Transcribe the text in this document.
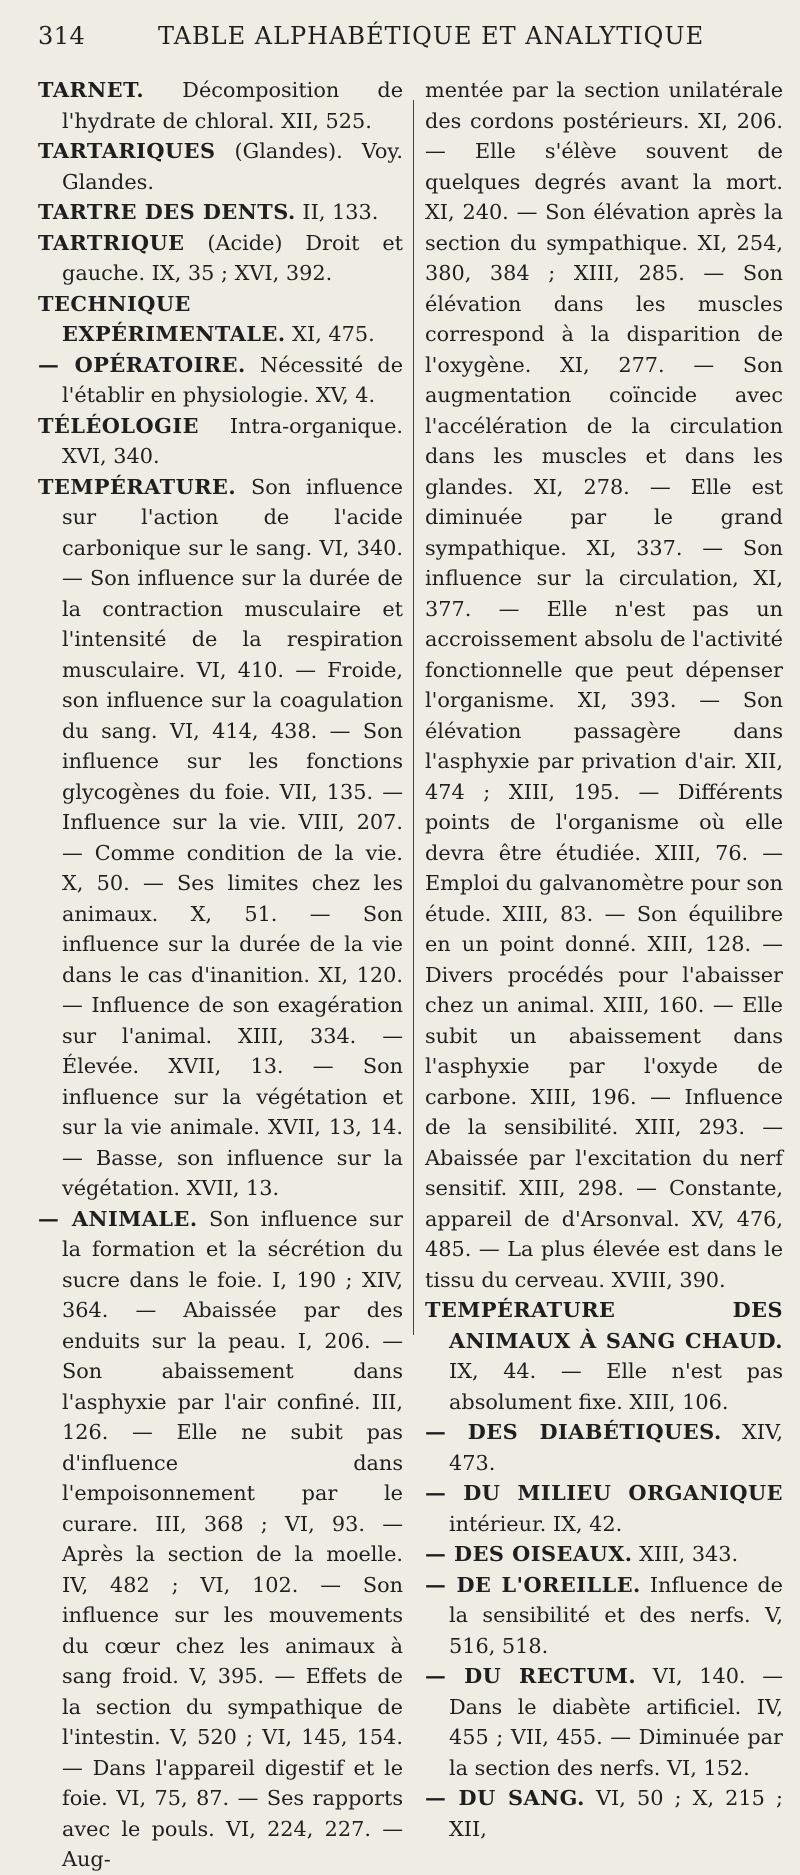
314	TABLE ALPHABÉTIQUE ET ANALYTIQUE

TARNET. Décomposition de l'hydrate de chloral. XII, 525.

TARTARIQUES (Glandes). Voy. Glandes.

TARTRE DES DENTS. II, 133.

TARTRIQUE (Acide) Droit et gauche. IX, 35 ; XVI, 392.

TECHNIQUE EXPÉRIMENTALE. XI, 475.

— OPÉRATOIRE. Nécessité de l'établir en physiologie. XV, 4.

TÉLÉOLOGIE Intra-organique. XVI, 340.

TEMPÉRATURE. Son influence sur l'action de l'acide carbonique sur le sang. VI, 340. — Son influence sur la durée de la contraction musculaire et l'intensité de la respiration musculaire. VI, 410. — Froide, son influence sur la coagulation du sang. VI, 414, 438. — Son influence sur les fonctions glycogènes du foie. VII, 135. — Influence sur la vie. VIII, 207. — Comme condition de la vie. X, 50. — Ses limites chez les animaux. X, 51. — Son influence sur la durée de la vie dans le cas d'inanition. XI, 120. — Influence de son exagération sur l'animal. XIII, 334. — Élevée. XVII, 13. — Son influence sur la végétation et sur la vie animale. XVII, 13, 14. — Basse, son influence sur la végétation. XVII, 13.

— ANIMALE. Son influence sur la formation et la sécrétion du sucre dans le foie. I, 190 ; XIV, 364. — Abaissée par des enduits sur la peau. I, 206. — Son abaissement dans l'asphyxie par l'air confiné. III, 126. — Elle ne subit pas d'influence dans l'empoisonnement par le curare. III, 368 ; VI, 93. — Après la section de la moelle. IV, 482 ; VI, 102. — Son influence sur les mouvements du cœur chez les animaux à sang froid. V, 395. — Effets de la section du sympathique de l'intestin. V, 520 ; VI, 145, 154. — Dans l'appareil digestif et le foie. VI, 75, 87. — Ses rapports avec le pouls. VI, 224, 227. — Aug-

mentée par la section unilatérale des cordons postérieurs. XI, 206. — Elle s'élève souvent de quelques degrés avant la mort. XI, 240. — Son élévation après la section du sympathique. XI, 254, 380, 384 ; XIII, 285. — Son élévation dans les muscles correspond à la disparition de l'oxygène. XI, 277. — Son augmentation coïncide avec l'accélération de la circulation dans les muscles et dans les glandes. XI, 278. — Elle est diminuée par le grand sympathique. XI, 337. — Son influence sur la circulation, XI, 377. — Elle n'est pas un accroissement absolu de l'activité fonctionnelle que peut dépenser l'organisme. XI, 393. — Son élévation passagère dans l'asphyxie par privation d'air. XII, 474 ; XIII, 195. — Différents points de l'organisme où elle devra être étudiée. XIII, 76. — Emploi du galvanomètre pour son étude. XIII, 83. — Son équilibre en un point donné. XIII, 128. — Divers procédés pour l'abaisser chez un animal. XIII, 160. — Elle subit un abaissement dans l'asphyxie par l'oxyde de carbone. XIII, 196. — Influence de la sensibilité. XIII, 293. — Abaissée par l'excitation du nerf sensitif. XIII, 298. — Constante, appareil de d'Arsonval. XV, 476, 485. — La plus élevée est dans le tissu du cerveau. XVIII, 390.

TEMPÉRATURE DES ANIMAUX À SANG CHAUD. IX, 44. — Elle n'est pas absolument fixe. XIII, 106.

— DES DIABÉTIQUES. XIV, 473.

— DU MILIEU ORGANIQUE intérieur. IX, 42.

— DES OISEAUX. XIII, 343.

— DE L'OREILLE. Influence de la sensibilité et des nerfs. V, 516, 518.

— DU RECTUM. VI, 140. — Dans le diabète artificiel. IV, 455 ; VII, 455. — Diminuée par la section des nerfs. VI, 152.

— DU SANG. VI, 50 ; X, 215 ; XII,
